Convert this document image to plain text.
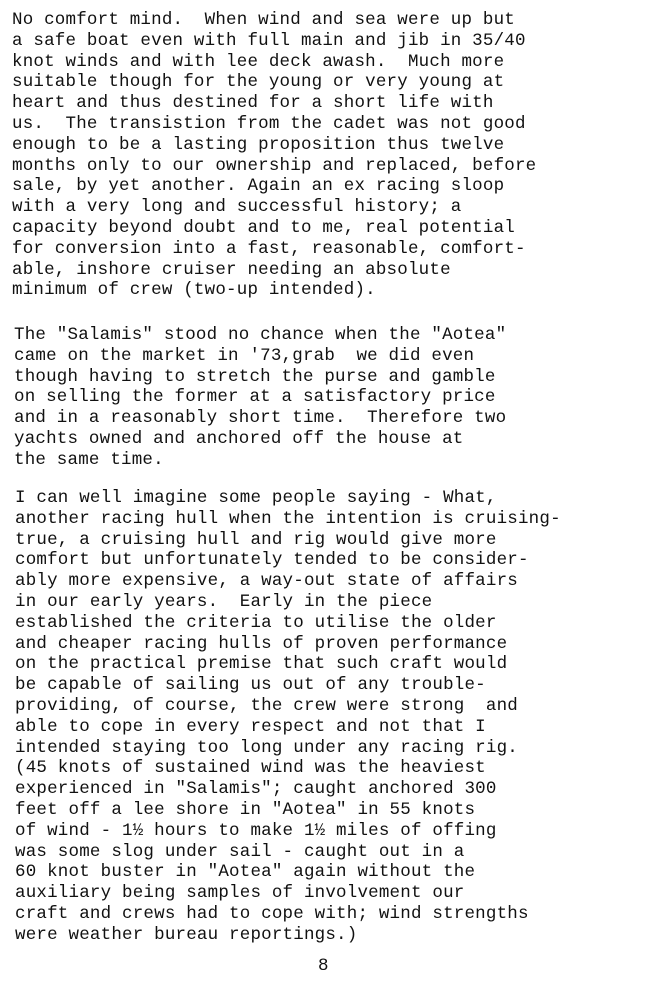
No comfort mind.  When wind and sea were up but
a safe boat even with full main and jib in 35/40
knot winds and with lee deck awash.  Much more
suitable though for the young or very young at
heart and thus destined for a short life with
us.  The transistion from the cadet was not good
enough to be a lasting proposition thus twelve
months only to our ownership and replaced, before
sale, by yet another. Again an ex racing sloop
with a very long and successful history; a
capacity beyond doubt and to me, real potential
for conversion into a fast, reasonable, comfort-
able, inshore cruiser needing an absolute
minimum of crew (two-up intended).
The "Salamis" stood no chance when the "Aotea"
came on the market in '73,grab  we did even
though having to stretch the purse and gamble
on selling the former at a satisfactory price
and in a reasonably short time.  Therefore two
yachts owned and anchored off the house at
the same time.
I can well imagine some people saying - What,
another racing hull when the intention is cruising-
true, a cruising hull and rig would give more
comfort but unfortunately tended to be consider-
ably more expensive, a way-out state of affairs
in our early years.  Early in the piece
established the criteria to utilise the older
and cheaper racing hulls of proven performance
on the practical premise that such craft would
be capable of sailing us out of any trouble-
providing, of course, the crew were strong  and
able to cope in every respect and not that I
intended staying too long under any racing rig.
(45 knots of sustained wind was the heaviest
experienced in "Salamis"; caught anchored 300
feet off a lee shore in "Aotea" in 55 knots
of wind - 1½ hours to make 1½ miles of offing
was some slog under sail - caught out in a
60 knot buster in "Aotea" again without the
auxiliary being samples of involvement our
craft and crews had to cope with; wind strengths
were weather bureau reportings.)
8
